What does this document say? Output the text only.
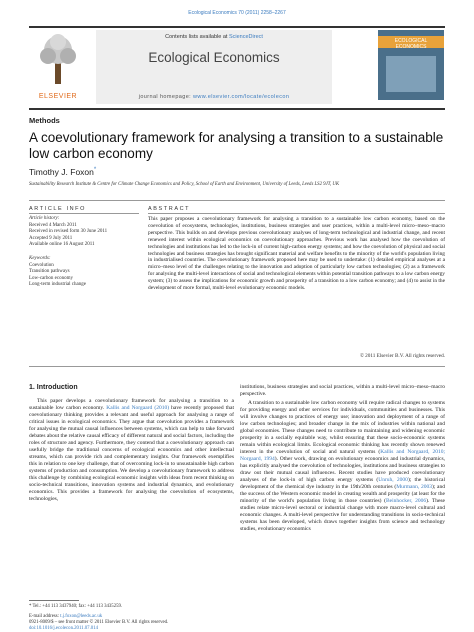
Ecological Economics 70 (2011) 2258–2267
ELSEVIER
Contents lists available at ScienceDirect
Ecological Economics
journal homepage: www.elsevier.com/locate/ecolecon
ECOLOGICAL ECONOMICS
Methods
A coevolutionary framework for analysing a transition to a sustainable low carbon economy
Timothy J. Foxon*
Sustainability Research Institute & Centre for Climate Change Economics and Policy, School of Earth and Environment, University of Leeds, Leeds LS2 9JT, UK
ARTICLE INFO	ABSTRACT
Article history:
Received 4 March 2011
Received in revised form 30 June 2011
Accepted 9 July 2011
Available online 16 August 2011
Keywords:
Coevolution
Transition pathways
Low-carbon economy
Long-term industrial change
This paper proposes a coevolutionary framework for analysing a transition to a sustainable low carbon economy, based on the coevolution of ecosystems, technologies, institutions, business strategies and user practices, within a multi-level micro–meso–macro perspective. This builds on and develops previous coevolutionary analyses of long-term technological and industrial change, and recent renewed interest within ecological economics on coevolutionary approaches. Previous work has analysed how the coevolution of technologies and institutions has led to the lock-in of current high-carbon energy systems; and how the coevolution of physical and social technologies and business strategies has brought significant material and welfare benefits to the minority of the world's population living in industrialised countries. The coevolutionary framework proposed here may be used to undertake: (1) detailed empirical analyses at a micro–meso level of the challenges relating to the innovation and adoption of particularly low carbon technologies; (2) as a framework for analysing the multi-level interactions of social and technological elements within potential transition pathways to a low carbon energy system; (3) to assess the implications for economic growth and prosperity of a transition to a low carbon economy; and (4) to assist in the development of more formal, multi-level evolutionary economic models.
© 2011 Elsevier B.V. All rights reserved.
1. Introduction

This paper develops a coevolutionary framework for analysing a transition to a sustainable low carbon economy. Kallis and Norgaard (2010) have recently proposed that coevolutionary thinking provides a relevant and useful approach for analysing a range of critical issues in ecological economics. They argue that coevolution provides a framework for analysing the mutual causal influences between systems, which can help to take forward debates about the relative causal efficacy of different natural and social factors, including the roles of structure and agency. Furthermore, they contend that a coevolutionary approach can usefully bridge the traditional concerns of ecological economics and other intellectual streams, which can provide rich and complementary insights. Our framework exemplifies this in relation to one key challenge, that of overcoming lock-in to unsustainable high carbon systems of production and consumption. We develop a coevolutionary framework to address this challenge by combining ecological economic insights with ideas from recent thinking on socio-technical transitions, innovation systems and industrial dynamics, and evolutionary economics. This provides a framework for analysing the coevolution of ecosystems, technologies,

institutions, business strategies and social practices, within a multi-level micro–meso–macro perspective.

A transition to a sustainable low carbon economy will require radical changes to systems for providing energy and other services for individuals, communities and businesses. This will involve changes to practices of energy use; innovation and deployment of a range of low carbon technologies; and broader change in the mix of industries within national and global economies. These changes need to contribute to maintaining and widening economic prosperity in a socially equitable way, whilst ensuring that these socio-economic systems remain within ecological limits. Ecological economic thinking has recently shown renewed interest in the coevolution of social and natural systems (Kallis and Norgaard, 2010; Norgaard, 1994). Other work, drawing on evolutionary economics and industrial dynamics, has explicitly analysed the coevolution of technologies, institutions and business strategies to draw out their mutual causal influences. Recent studies have produced coevolutionary analyses of the lock-in of high carbon energy systems (Unruh, 2000); the historical development of the chemical dye industry in the 19th/20th centuries (Murmann, 2003); and the success of the Western economic model in creating wealth and prosperity (at least for the minority of the world's population living in those countries) (Beinhocker, 2006). These studies relate micro-level sectoral or industrial change with more macro-level cultural and economic changes. A multi-level perspective for understanding transitions in socio-technical systems has been developed, which draws together insights from science and technology studies, evolutionary economics

* Tel.: +44 113 3437940; fax: +44 113 3435259.
E-mail address: t.j.foxon@leeds.ac.uk
0921-8009/$ – see front matter © 2011 Elsevier B.V. All rights reserved.
doi:10.1016/j.ecolecon.2011.07.014
